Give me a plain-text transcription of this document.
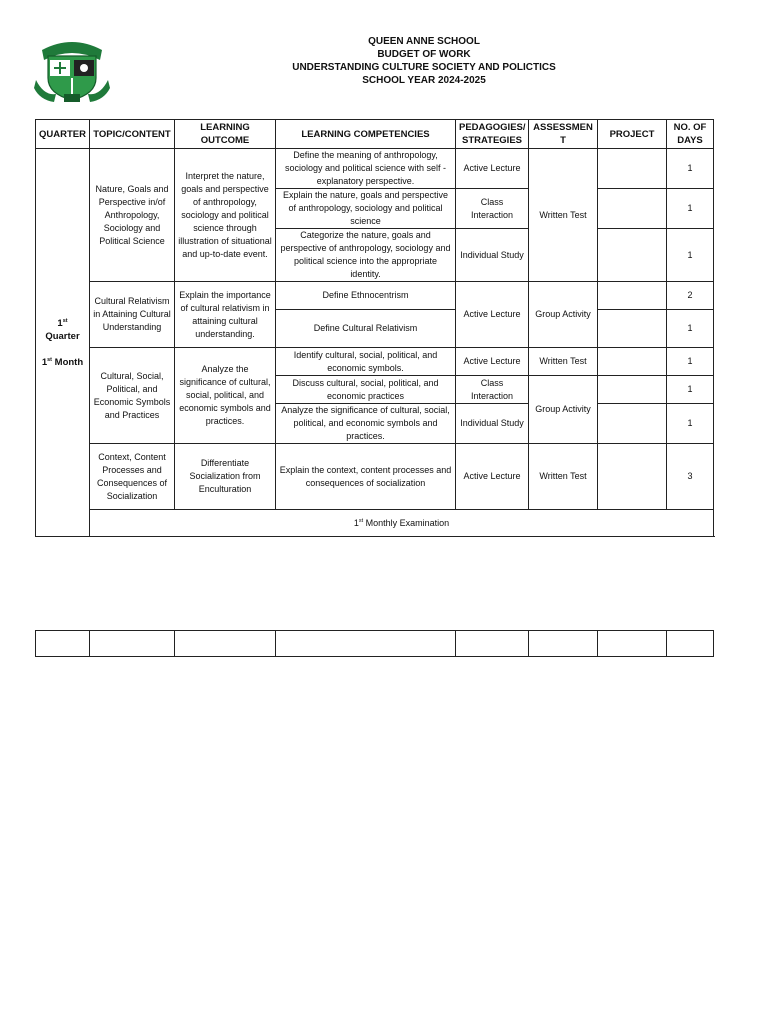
QUEEN ANNE SCHOOL
BUDGET OF WORK
UNDERSTANDING CULTURE SOCIETY AND POLICTICS
SCHOOL YEAR 2024-2025
QUARTER	TOPIC/CONTENT	LEARNING OUTCOME	LEARNING COMPETENCIES	PEDAGOGIES/ STRATEGIES	ASSESSMEN T	PROJECT	NO. OF DAYS

1st
Quarter
1st Month	Nature, Goals and Perspective in/of Anthropology, Sociology and Political Science	Interpret the nature, goals and perspective of anthropology, sociology and political science through illustration of situational and up-to-date event.	Define the meaning of anthropology, sociology and political science with self -explanatory perspective.	Active Lecture	Written Test		1
			Explain the nature, goals and perspective of anthropology, sociology and political science	Class Interaction			1
			Categorize the nature, goals and perspective of anthropology, sociology and political science into the appropriate identity.	Individual Study			1
	Cultural Relativism in Attaining Cultural Understanding	Explain the importance of cultural relativism in attaining cultural understanding.	Define Ethnocentrism	Active Lecture	Group Activity		2
			Define Cultural Relativism				1
	Cultural, Social, Political, and Economic Symbols and Practices	Analyze the significance of cultural, social, political, and economic symbols and practices.	Identify cultural, social, political, and economic symbols.	Active Lecture	Written Test		1
			Discuss cultural, social, political, and economic practices	Class Interaction	Group Activity		1
			Analyze the significance of cultural, social, political, and economic symbols and practices.	Individual Study			1
	Context, Content Processes and Consequences of Socialization	Differentiate Socialization from Enculturation	Explain the context, content processes and consequences of socialization	Active Lecture	Written Test		3
	1st Monthly Examination						
